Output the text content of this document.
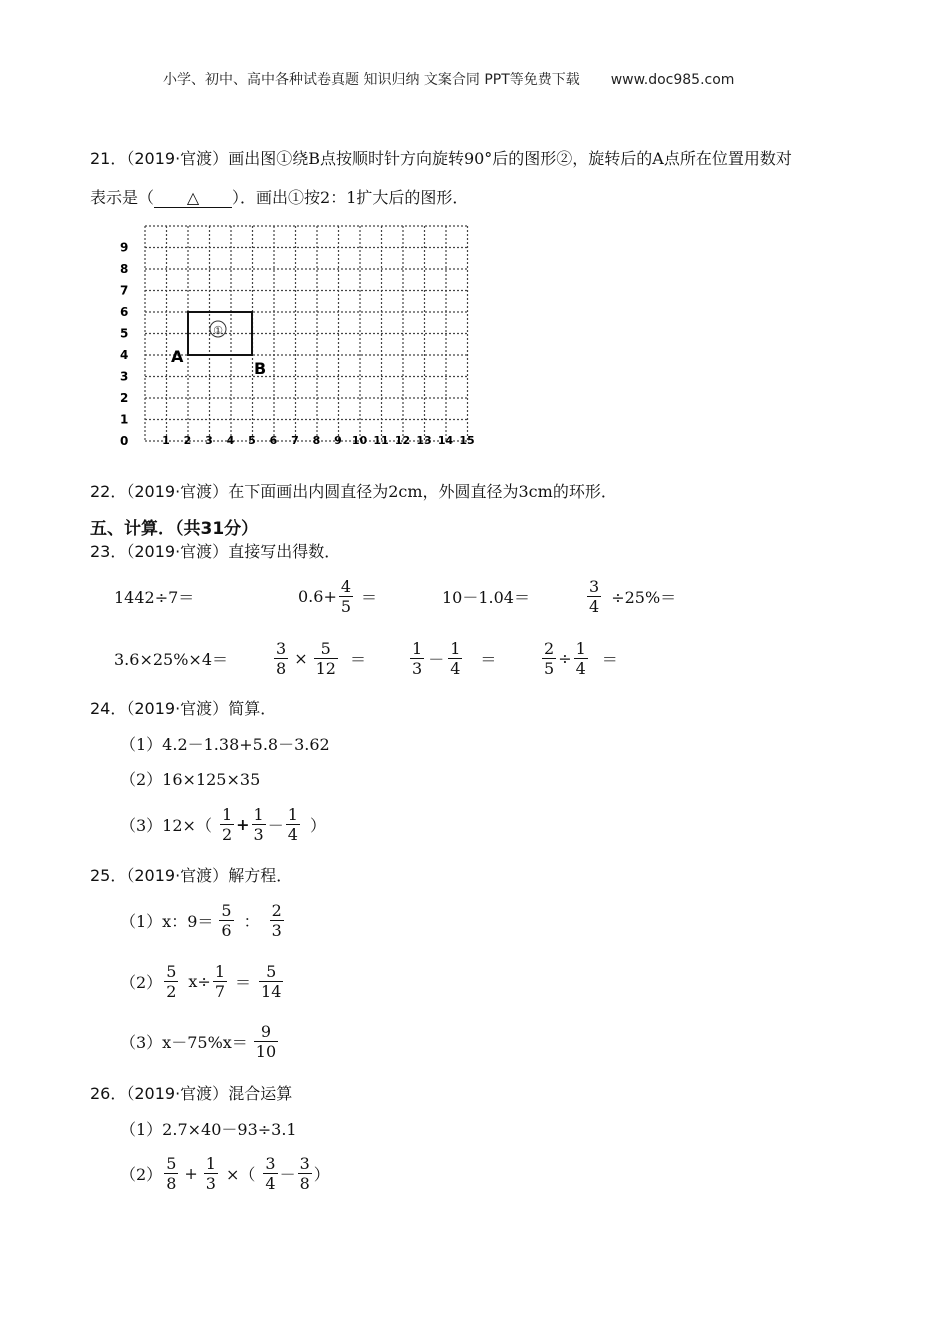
小学、初中、高中各种试卷真题 知识归纳 文案合同 PPT等免费下载 www.doc985.com
21．（2019·官渡）画出图①绕B点按顺时针方向旋转90°后的图形②，旋转后的A点所在位置用数对
表示是（ △ ）．画出①按2：1扩大后的图形．
0
1
2
3
4
5
6
7
8
9
1 2 3 4 5 6 7 8 9 10 11 12 13 14 15
①
A
B
22．（2019·官渡）在下面画出内圆直径为2cm，外圆直径为3cm的环形．
五、计算．（共31分）
23．（2019·官渡）直接写出得数．
1442÷7＝	$0.6+ \frac{4}{5}$ ＝	10－1.04＝	$\frac{3}{4} \div 25\%=$
3.6×25%×4＝	$\frac{3}{8} \times \frac{5}{12}$ ＝	$\frac{1}{3} - \frac{1}{4}$ ＝	$\frac{2}{5} \div \frac{1}{4}$ ＝
24．（2019·官渡）简算．
（1）4.2－1.38+5.8－3.62
（2）16×125×35
$(3)12\times( \frac{1}{2} + \frac{1}{3} - \frac{1}{4}$ ）
25．（2019·官渡）解方程．
（1）x：$9= \frac{5}{6}$ ： $\frac{2}{3}$
$(2) \frac{5}{2} x\div \frac{1}{7} = \frac{5}{14}$
$(3)x-75\%x= \frac{9}{10}$
26．（2019·官渡）混合运算
（1）2.7×40－93÷3.1
$(2) \frac{5}{8} + \frac{1}{3}$ ×（ $\frac{3}{4} - \frac{3}{8}$ ）
